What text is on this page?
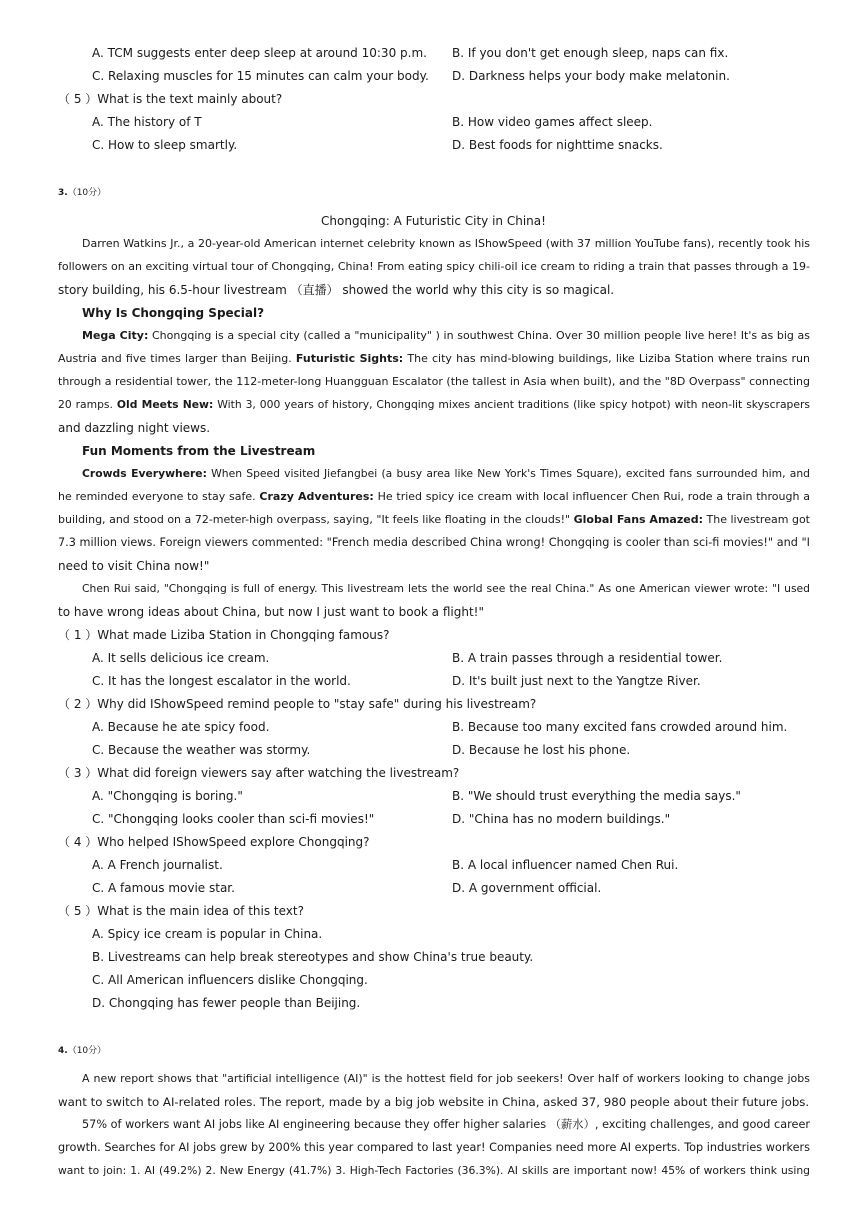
A. TCM suggests enter deep sleep at around 10:30 p.m. B. If you don't get enough sleep, naps can fix.
C. Relaxing muscles for 15 minutes can calm your body. D. Darkness helps your body make melatonin.
（ 5 ）What is the text mainly about?
A. The history of T	B. How video games affect sleep.
C. How to sleep smartly.	D. Best foods for nighttime snacks.
3.（10分）
Chongqing: A Futuristic City in China!
Darren Watkins Jr., a 20-year-old American internet celebrity known as IShowSpeed (with 37 million YouTube fans), recently took his
followers on an exciting virtual tour of Chongqing, China! From eating spicy chili-oil ice cream to riding a train that passes through a 19-
story building, his 6.5-hour livestream （直播） showed the world why this city is so magical.
Why Is Chongqing Special?
Mega City: Chongqing is a special city (called a "municipality" ) in southwest China. Over 30 million people live here! It's as big as
Austria and five times larger than Beijing. Futuristic Sights: The city has mind-blowing buildings, like Liziba Station where trains run
through a residential tower, the 112-meter-long Huangguan Escalator (the tallest in Asia when built), and the "8D Overpass" connecting
20 ramps. Old Meets New: With 3, 000 years of history, Chongqing mixes ancient traditions (like spicy hotpot) with neon-lit skyscrapers
and dazzling night views.
Fun Moments from the Livestream
Crowds Everywhere: When Speed visited Jiefangbei (a busy area like New York's Times Square), excited fans surrounded him, and
he reminded everyone to stay safe. Crazy Adventures: He tried spicy ice cream with local influencer Chen Rui, rode a train through a
building, and stood on a 72-meter-high overpass, saying, "It feels like floating in the clouds!" Global Fans Amazed: The livestream got
7.3 million views. Foreign viewers commented: "French media described China wrong! Chongqing is cooler than sci-fi movies!" and "I
need to visit China now!"
Chen Rui said, "Chongqing is full of energy. This livestream lets the world see the real China." As one American viewer wrote: "I used
to have wrong ideas about China, but now I just want to book a flight!"
（ 1 ）What made Liziba Station in Chongqing famous?
A. It sells delicious ice cream.	B. A train passes through a residential tower.
C. It has the longest escalator in the world.	D. It's built just next to the Yangtze River.
（ 2 ）Why did IShowSpeed remind people to "stay safe" during his livestream?
A. Because he ate spicy food.	B. Because too many excited fans crowded around him.
C. Because the weather was stormy.	D. Because he lost his phone.
（ 3 ）What did foreign viewers say after watching the livestream?
A. "Chongqing is boring."	B. "We should trust everything the media says."
C. "Chongqing looks cooler than sci-fi movies!"	D. "China has no modern buildings."
（ 4 ）Who helped IShowSpeed explore Chongqing?
A. A French journalist.	B. A local influencer named Chen Rui.
C. A famous movie star.	D. A government official.
（ 5 ）What is the main idea of this text?
A. Spicy ice cream is popular in China.
B. Livestreams can help break stereotypes and show China's true beauty.
C. All American influencers dislike Chongqing.
D. Chongqing has fewer people than Beijing.
4.（10分）
A new report shows that "artificial intelligence (AI)" is the hottest field for job seekers! Over half of workers looking to change jobs
want to switch to AI-related roles. The report, made by a big job website in China, asked 37, 980 people about their future jobs.
57% of workers want AI jobs like AI engineering because they offer higher salaries （薪水）, exciting challenges, and good career
growth. Searches for AI jobs grew by 200% this year compared to last year! Companies need more AI experts. Top industries workers
want to join: 1. AI (49.2%) 2. New Energy (41.7%) 3. High-Tech Factories (36.3%). AI skills are important now! 45% of workers think using
